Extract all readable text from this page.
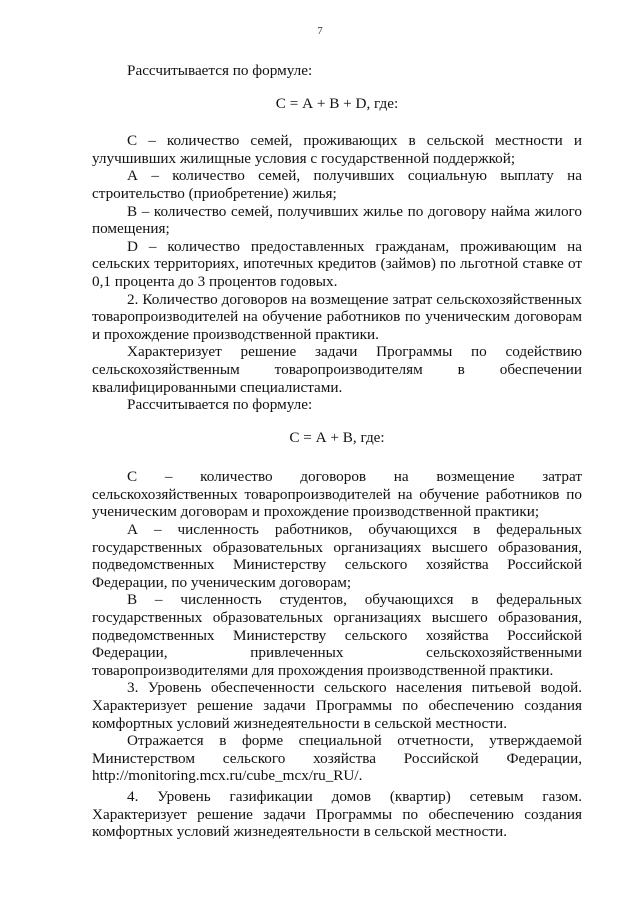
7

Рассчитывается по формуле:

С = А + В + D, где:

С – количество семей, проживающих в сельской местности и улучшивших жилищные условия с государственной поддержкой;

А – количество семей, получивших социальную выплату на строительство (приобретение) жилья;

В – количество семей, получивших жилье по договору найма жилого помещения;

D – количество предоставленных гражданам, проживающим на сельских территориях, ипотечных кредитов (займов) по льготной ставке от 0,1 процента до 3 процентов годовых.

2. Количество договоров на возмещение затрат сельскохозяйственных товаропроизводителей на обучение работников по ученическим договорам и прохождение производственной практики.

Характеризует решение задачи Программы по содействию сельскохозяйственным товаропроизводителям в обеспечении квалифицированными специалистами.

Рассчитывается по формуле:

С = А + В, где:

С – количество договоров на возмещение затрат сельскохозяйственных товаропроизводителей на обучение работников по ученическим договорам и прохождение производственной практики;

А – численность работников, обучающихся в федеральных государственных образовательных организациях высшего образования, подведомственных Министерству сельского хозяйства Российской Федерации, по ученическим договорам;

В – численность студентов, обучающихся в федеральных государственных образовательных организациях высшего образования, подведомственных Министерству сельского хозяйства Российской Федерации, привлеченных сельскохозяйственными товаропроизводителями для прохождения производственной практики.

3. Уровень обеспеченности сельского населения питьевой водой. Характеризует решение задачи Программы по обеспечению создания комфортных условий жизнедеятельности в сельской местности.

Отражается в форме специальной отчетности, утверждаемой Министерством сельского хозяйства Российской Федерации, http://monitoring.mcx.ru/cube_mcx/ru_RU/.

4. Уровень газификации домов (квартир) сетевым газом. Характеризует решение задачи Программы по обеспечению создания комфортных условий жизнедеятельности в сельской местности.
